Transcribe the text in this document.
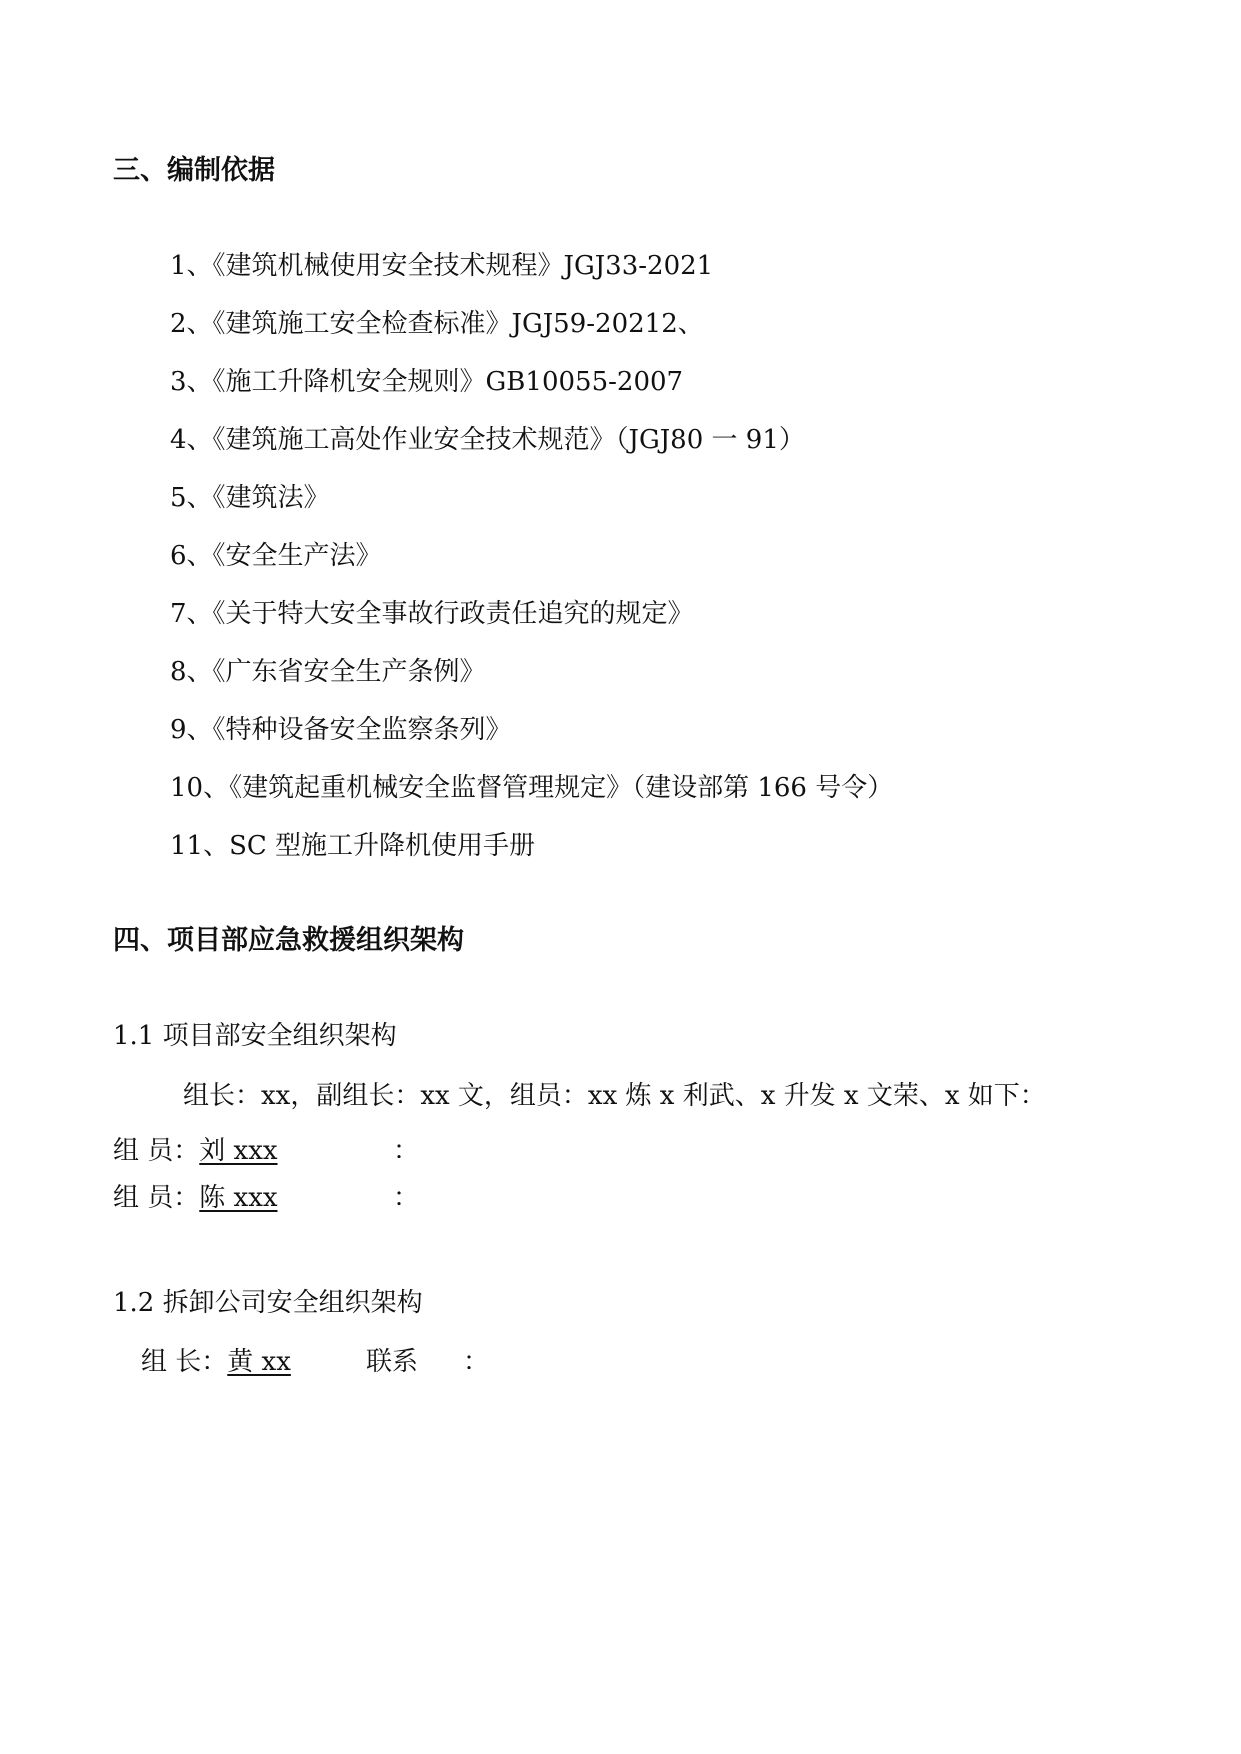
三、编制依据
1、《建筑机械使用安全技术规程》JGJ33-2021
2、《建筑施工安全检查标准》JGJ59-20212、
3、《施工升降机安全规则》GB10055-2007
4、《建筑施工高处作业安全技术规范》（JGJ80 一 91）
5、《建筑法》
6、《安全生产法》
7、《关于特大安全事故行政责任追究的规定》
8、《广东省安全生产条例》
9、《特种设备安全监察条列》
10、《建筑起重机械安全监督管理规定》（建设部第 166 号令）
11、SC 型施工升降机使用手册
四、项目部应急救援组织架构
1.1 项目部安全组织架构
组长：xx，副组长：xx 文，组员：xx 炼 x 利武、x 升发 x 文荣、x 如下：
组 员：刘 xxx	：
组 员：陈 xxx	：
1.2 拆卸公司安全组织架构
组 长：黄 xx	联系 ：
